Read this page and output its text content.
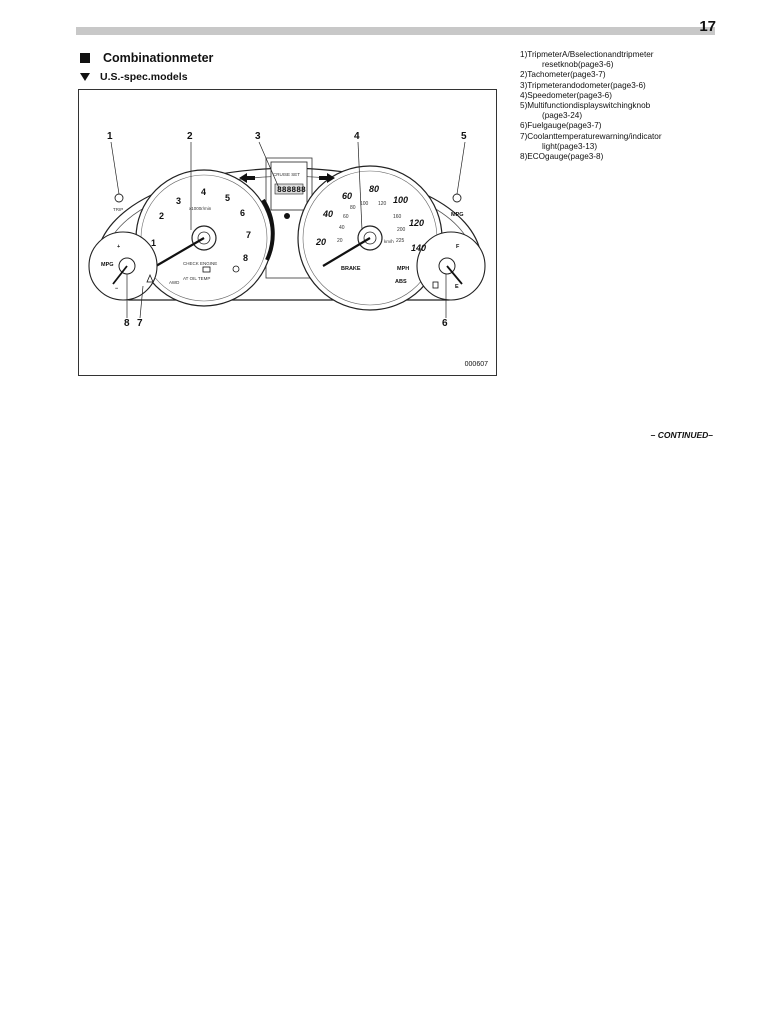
17
Combinationmeter
U.S.-spec.models
1
2
3
4
5
6
7
8
x1000r/min
CHECK ENGINE
AT OIL TEMP
AWD
CRUISE SET
TRIP
km/h
888888
20
40
60
80
100
120
140
20
40
60
80
100 120
160
200
225
BRAKE	MPH
ABS
MPG
MPG
F
E
+
−
1	2	3	4	5
6
7
8
000607
1)TripmeterA/Bselectionandtripmeter
resetknob(page3-6)
2)Tachometer(page3-7)
3)Tripmeterandodometer(page3-6)
4)Speedometer(page3-6)
5)Multifunctiondisplayswitchingknob
(page3-24)
6)Fuelgauge(page3-7)
7)Coolanttemperaturewarning/indicator
light(page3-13)
8)ECOgauge(page3-8)
– CONTINUED–
